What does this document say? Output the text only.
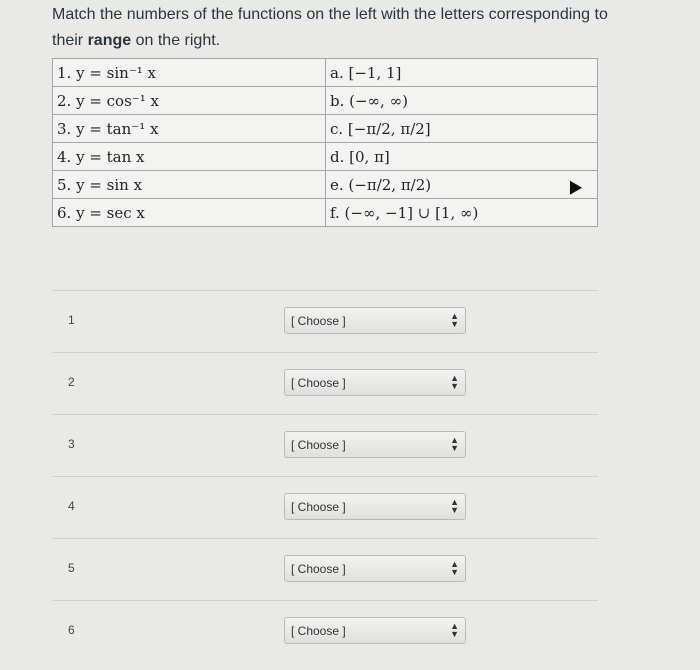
Match the numbers of the functions on the left with the letters corresponding to their range on the right.
1. y = sin⁻¹ x	a. [−1, 1]
2. y = cos⁻¹ x	b. (−∞, ∞)
3. y = tan⁻¹ x	c. [−π/2, π/2]
4. y = tan x	d. [0, π]
5. y = sin x	e. (−π/2, π/2)
6. y = sec x	f. (−∞, −1] ∪ [1, ∞)
1	[ Choose ]	▲
▼
2	[ Choose ]	▲
▼
3	[ Choose ]	▲
▼
4	[ Choose ]	▲
▼
5	[ Choose ]	▲
▼
6	[ Choose ]	▲
▼
